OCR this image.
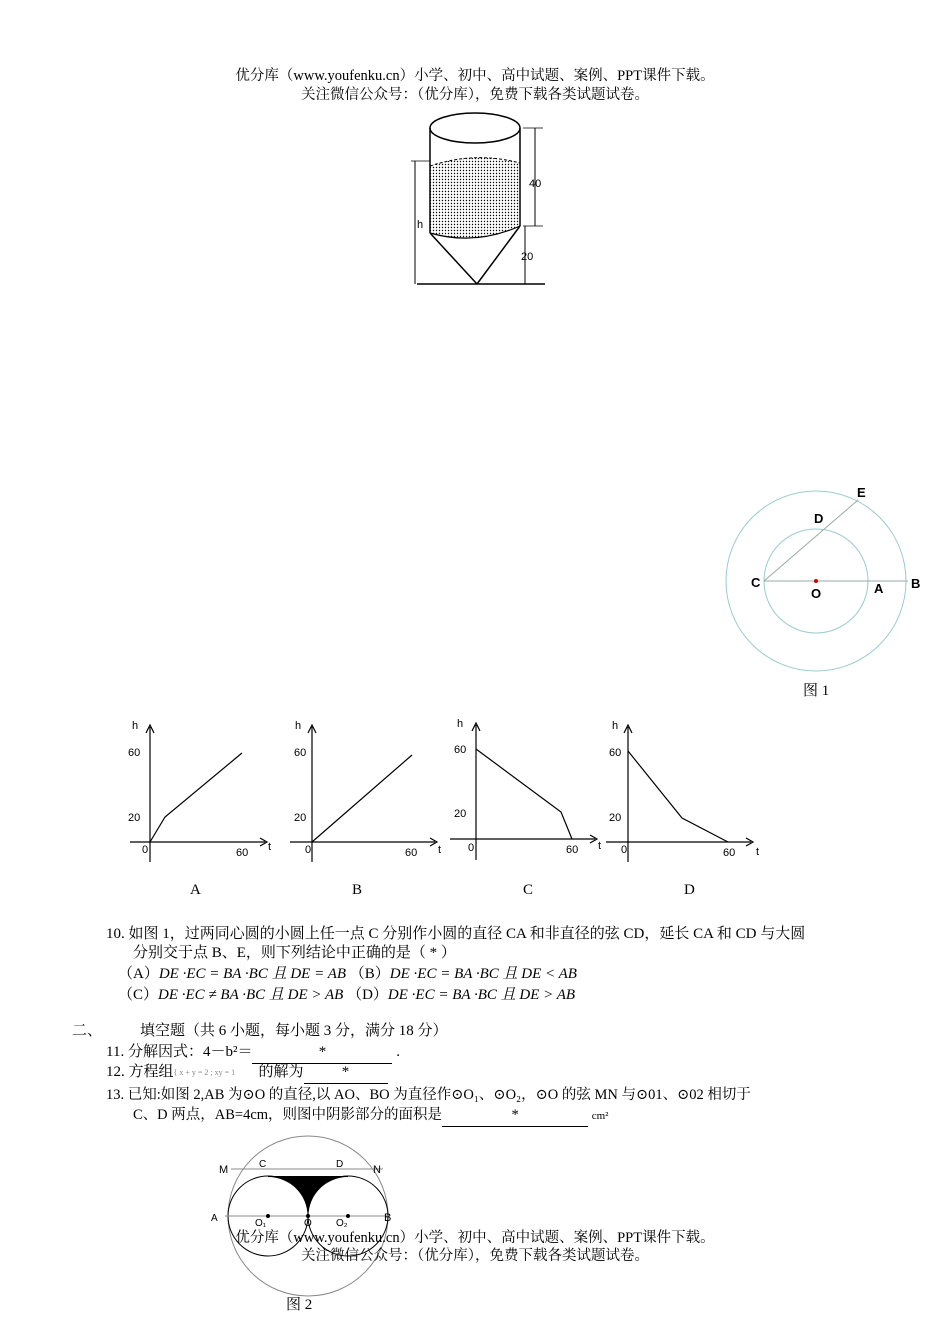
优分库（www.youfenku.cn）小学、初中、高中试题、案例、PPT课件下载。
关注微信公众号：（优分库），免费下载各类试题试卷。
h
40
20
E
D
C
O	A B
图 1
h
60
20
0	60 t
A
h
60
20
0	60 t
B
h
60
20
0	60 t
C
h
60
20
0	60 t
D
10. 如图 1，过两同心圆的小圆上任一点 C 分别作小圆的直径 CA 和非直径的弦 CD，延长 CA 和 CD 与大圆
分别交于点 B、E，则下列结论中正确的是（ * ）
（A）DE ·EC = BA ·BC 且 DE = AB （B）DE ·EC = BA ·BC 且 DE < AB
（C）DE ·EC ≠ BA ·BC 且 DE > AB （D）DE ·EC = BA ·BC 且 DE > AB
二、	填空题（共 6 小题，每小题 3 分，满分 18 分）
11. 分解因式：4－b²＝	*	.
12. 方程组{ x + y = 2 ; xy = 1 的解为	*
13. 已知:如图 2,AB 为⊙O 的直径,以 AO、BO 为直径作⊙O₁、⊙O₂，⊙O 的弦 MN 与⊙01、⊙02 相切于
C、D 两点，AB=4cm，则图中阴影部分的面积是	*	cm²
M	C	D	N
A	O₁	O O₂	B
图 2
优分库（www.youfenku.cn）小学、初中、高中试题、案例、PPT课件下载。
关注微信公众号：（优分库），免费下载各类试题试卷。
